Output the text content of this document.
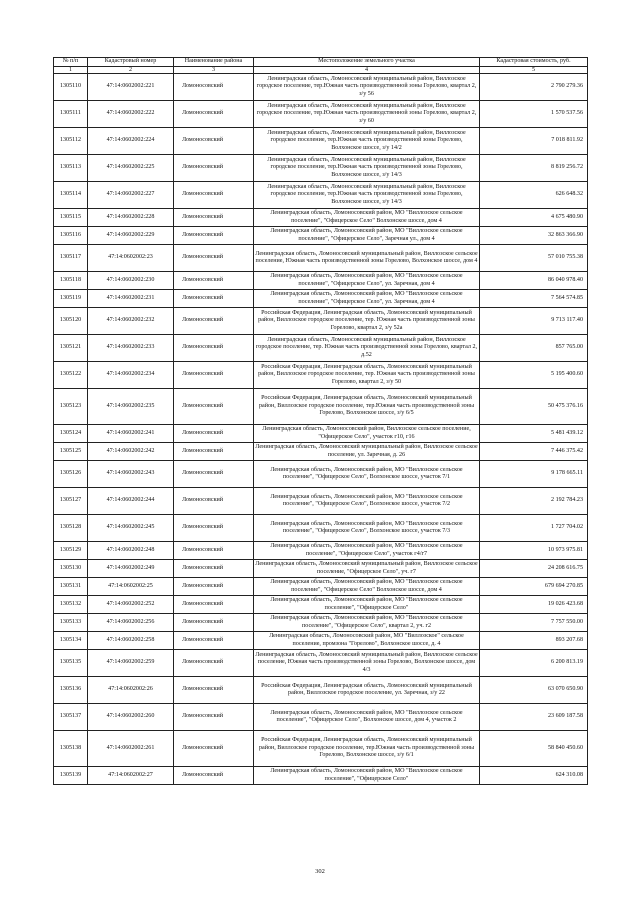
№ п/п	Кадастровый номер	Наименование района	Местоположение земельного участка	Кадастровая стоимость, руб.
1	2	3	4	5
1305110	47:14:0602002:221	Ломоносовский	Ленинградская область, Ломоносовский муниципальный район, Виллозское городское поселение, тер.Южная часть производственной зоны Горелово, квартал 2, з/у 56	2 790 279.36
1305111	47:14:0602002:222	Ломоносовский	Ленинградская область, Ломоносовский муниципальный район, Виллозское городское поселение, тер.Южная часть производственной зоны Горелово, квартал 2, з/у 60	1 570 537.56
1305112	47:14:0602002:224	Ломоносовский	Ленинградская область, Ломоносовский муниципальный район, Виллозское городское поселение, тер.Южная часть производственной зоны Горелово, Волхонское шоссе, з/у 14/2	7 018 811.92
1305113	47:14:0602002:225	Ломоносовский	Ленинградская область, Ломоносовский муниципальный район, Виллозское городское поселение, тер.Южная часть производственной зоны Горелово, Волхонское шоссе, з/у 14/3	8 819 256.72
1305114	47:14:0602002:227	Ломоносовский	Ленинградская область, Ломоносовский муниципальный район, Виллозское городское поселение, тер.Южная часть производственной зоны Горелово, Волхонское шоссе, з/у 14/3	626 648.32
1305115	47:14:0602002:228	Ломоносовский	Ленинградская область, Ломоносовский район, МО "Виллозское сельское поселение", "Офицерское Село" Волхонское шоссе, дом 4	4 675 480.90
1305116	47:14:0602002:229	Ломоносовский	Ленинградская область, Ломоносовский район, МО "Виллозское сельское поселение", "Офицерское Село", Заречная ул., дом 4	32 863 366.90
1305117	47:14:0602002:23	Ломоносовский	Ленинградская область, Ломоносовский муниципальный район, Виллозское сельское поселение, Южная часть производственной зоны Горелово, Волхонское шоссе, дом 4	57 010 755.38
1305118	47:14:0602002:230	Ломоносовский	Ленинградская область, Ломоносовский район, МО "Виллозское сельское поселение", "Офицерское Село", ул. Заречная, дом 4	86 040 978.40
1305119	47:14:0602002:231	Ломоносовский	Ленинградская область, Ломоносовский район, МО "Виллозское сельское поселение", "Офицерское Село", ул. Заречная, дом 4	7 564 574.85
1305120	47:14:0602002:232	Ломоносовский	Российская Федерация, Ленинградская область, Ломоносовский муниципальный район, Виллозское городское поселение, тер. Южная часть производственной зоны Горелово, квартал 2, з/у 52а	9 713 117.40
1305121	47:14:0602002:233	Ломоносовский	Ленинградская область, Ломоносовский муниципальный район, Виллозское городское поселение, тер. Южная часть производственной зоны Горелово, квартал 2, д.52	857 765.00
1305122	47:14:0602002:234	Ломоносовский	Российская Федерация, Ленинградская область, Ломоносовский муниципальный район, Виллозское городское поселение, тер. Южная часть производственной зоны Горелово, квартал 2, з/у 50	5 195 400.60
1305123	47:14:0602002:235	Ломоносовский	Российская Федерация, Ленинградская область, Ломоносовский муниципальный район, Виллозское городское поселение, тер.Южная часть производственной зоны Горелово, Волхонское шоссе, з/у 6/5	50 475 376.16
1305124	47:14:0602002:241	Ломоносовский	Ленинградская область, Ломоносовский район, Виллозское сельское поселение, "Офицерское Село", участок г10, г16	5 481 439.12
1305125	47:14:0602002:242	Ломоносовский	Ленинградская область, Ломоносовский муниципальный район, Виллозское сельское поселение, ул. Заречная, д. 26	7 446 375.42
1305126	47:14:0602002:243	Ломоносовский	Ленинградская область, Ломоносовский район, МО "Виллозское сельское поселение", "Офицерское Село", Волхонское шоссе, участок 7/1	9 178 665.11
1305127	47:14:0602002:244	Ломоносовский	Ленинградская область, Ломоносовский район, МО "Виллозское сельское поселение", "Офицерское Село", Волхонское шоссе, участок 7/2	2 192 784.23
1305128	47:14:0602002:245	Ломоносовский	Ленинградская область, Ломоносовский район, МО "Виллозское сельское поселение", "Офицерское Село", Волхонское шоссе, участок 7/3	1 727 704.02
1305129	47:14:0602002:248	Ломоносовский	Ленинградская область, Ломоносовский район, МО "Виллозское сельское поселение", "Офицерское Село", участок г4/г7	10 973 975.81
1305130	47:14:0602002:249	Ломоносовский	Ленинградская область, Ломоносовский муниципальный район, Виллозское сельское поселение, "Офицерское Село", уч. г7	24 208 616.75
1305131	47:14:0602002:25	Ломоносовский	Ленинградская область, Ломоносовский район, МО "Виллозское сельское поселение", "Офицерское Село" Волхонское шоссе, дом 4	679 694 270.85
1305132	47:14:0602002:252	Ломоносовский	Ленинградская область, Ломоносовский район, МО "Виллозское сельское поселение", "Офицерское Село"	19 026 423.68
1305133	47:14:0602002:256	Ломоносовский	Ленинградская область, Ломоносовский район, МО "Виллозское сельское поселение", "Офицерское Село", квартал 2, уч. г2	7 757 550.00
1305134	47:14:0602002:258	Ломоносовский	Ленинградская область, Ломоносовский район, МО "Виллозское" сельское поселение, промзона "Горелово", Волхонское шоссе, д. 4	893 207.68
1305135	47:14:0602002:259	Ломоносовский	Ленинградская область, Ломоносовский муниципальный район, Виллозское сельское поселение, Южная часть производственной зоны Горелово, Волхонское шоссе, дом 4/3	6 200 813.19
1305136	47:14:0602002:26	Ломоносовский	Российская Федерация, Ленинградская область, Ломоносовский муниципальный район, Виллозское городское поселение, ул. Заречная, з/у 22	63 070 650.90
1305137	47:14:0602002:260	Ломоносовский	Ленинградская область, Ломоносовский район, МО "Виллозское сельское поселение", "Офицерское Село", Волхонское шоссе, дом 4, участок 2	23 609 187.58
1305138	47:14:0602002:261	Ломоносовский	Российская Федерация, Ленинградская область, Ломоносовский муниципальный район, Виллозское городское поселение, тер.Южная часть производственной зоны Горелово, Волхонское шоссе, з/у 6/1	58 840 450.60
1305139	47:14:0602002:27	Ломоносовский	Ленинградская область, Ломоносовский район, МО "Виллозское сельское поселение", "Офицерское Село"	624 310.08
302
